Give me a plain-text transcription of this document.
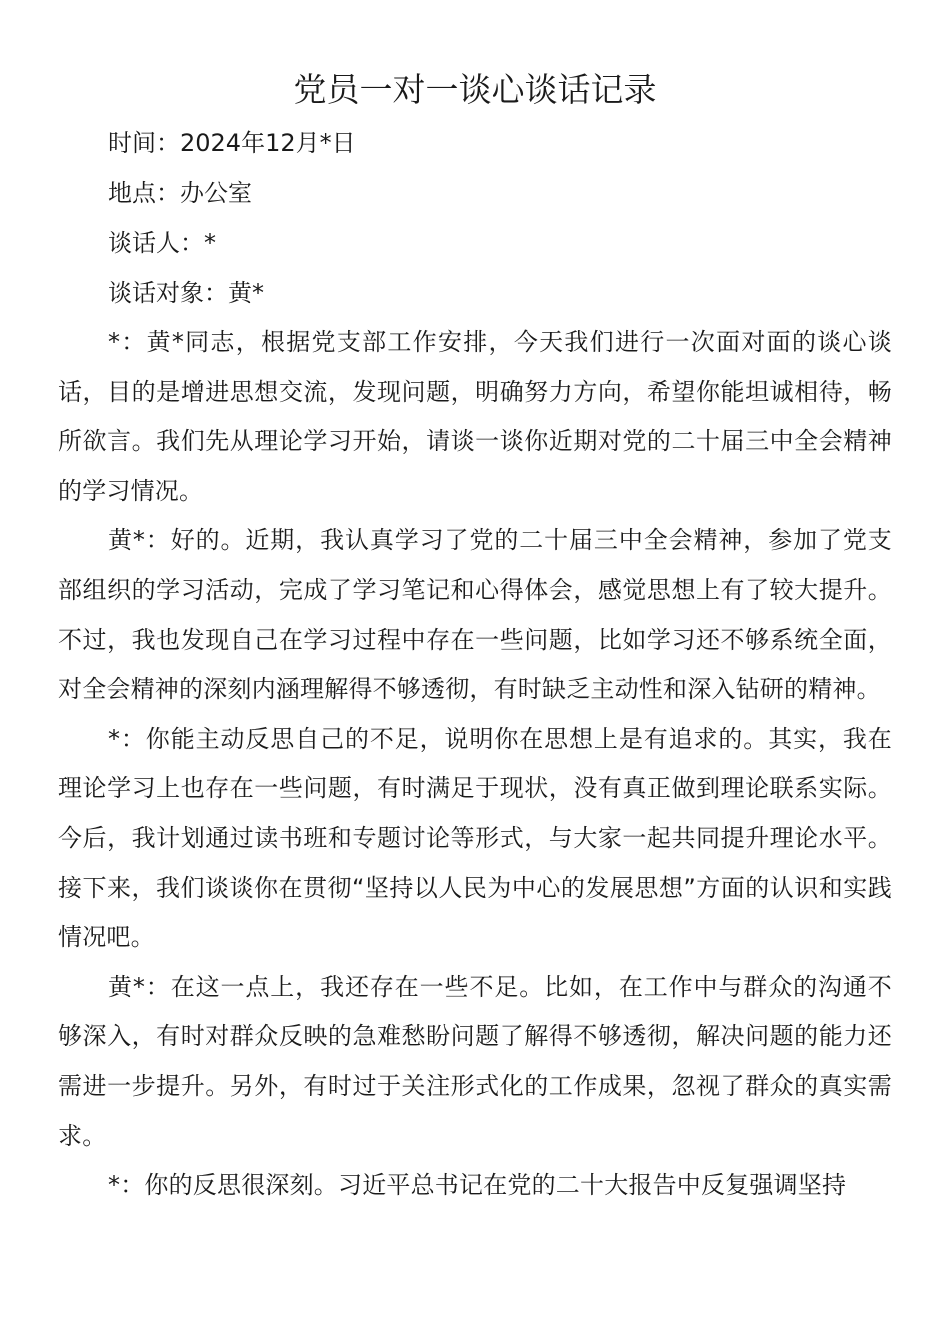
党员一对一谈心谈话记录

时间：2024年12月*日

地点：办公室

谈话人：*

谈话对象：黄*

*：黄*同志，根据党支部工作安排，今天我们进行一次面对面的谈心谈话，目的是增进思想交流，发现问题，明确努力方向，希望你能坦诚相待，畅所欲言。我们先从理论学习开始，请谈一谈你近期对党的二十届三中全会精神的学习情况。

黄*：好的。近期，我认真学习了党的二十届三中全会精神，参加了党支部组织的学习活动，完成了学习笔记和心得体会，感觉思想上有了较大提升。不过，我也发现自己在学习过程中存在一些问题，比如学习还不够系统全面，对全会精神的深刻内涵理解得不够透彻，有时缺乏主动性和深入钻研的精神。

*：你能主动反思自己的不足，说明你在思想上是有追求的。其实，我在理论学习上也存在一些问题，有时满足于现状，没有真正做到理论联系实际。今后，我计划通过读书班和专题讨论等形式，与大家一起共同提升理论水平。接下来，我们谈谈你在贯彻“坚持以人民为中心的发展思想”方面的认识和实践情况吧。

黄*：在这一点上，我还存在一些不足。比如，在工作中与群众的沟通不够深入，有时对群众反映的急难愁盼问题了解得不够透彻，解决问题的能力还需进一步提升。另外，有时过于关注形式化的工作成果，忽视了群众的真实需求。

*：你的反思很深刻。习近平总书记在党的二十大报告中反复强调坚持
